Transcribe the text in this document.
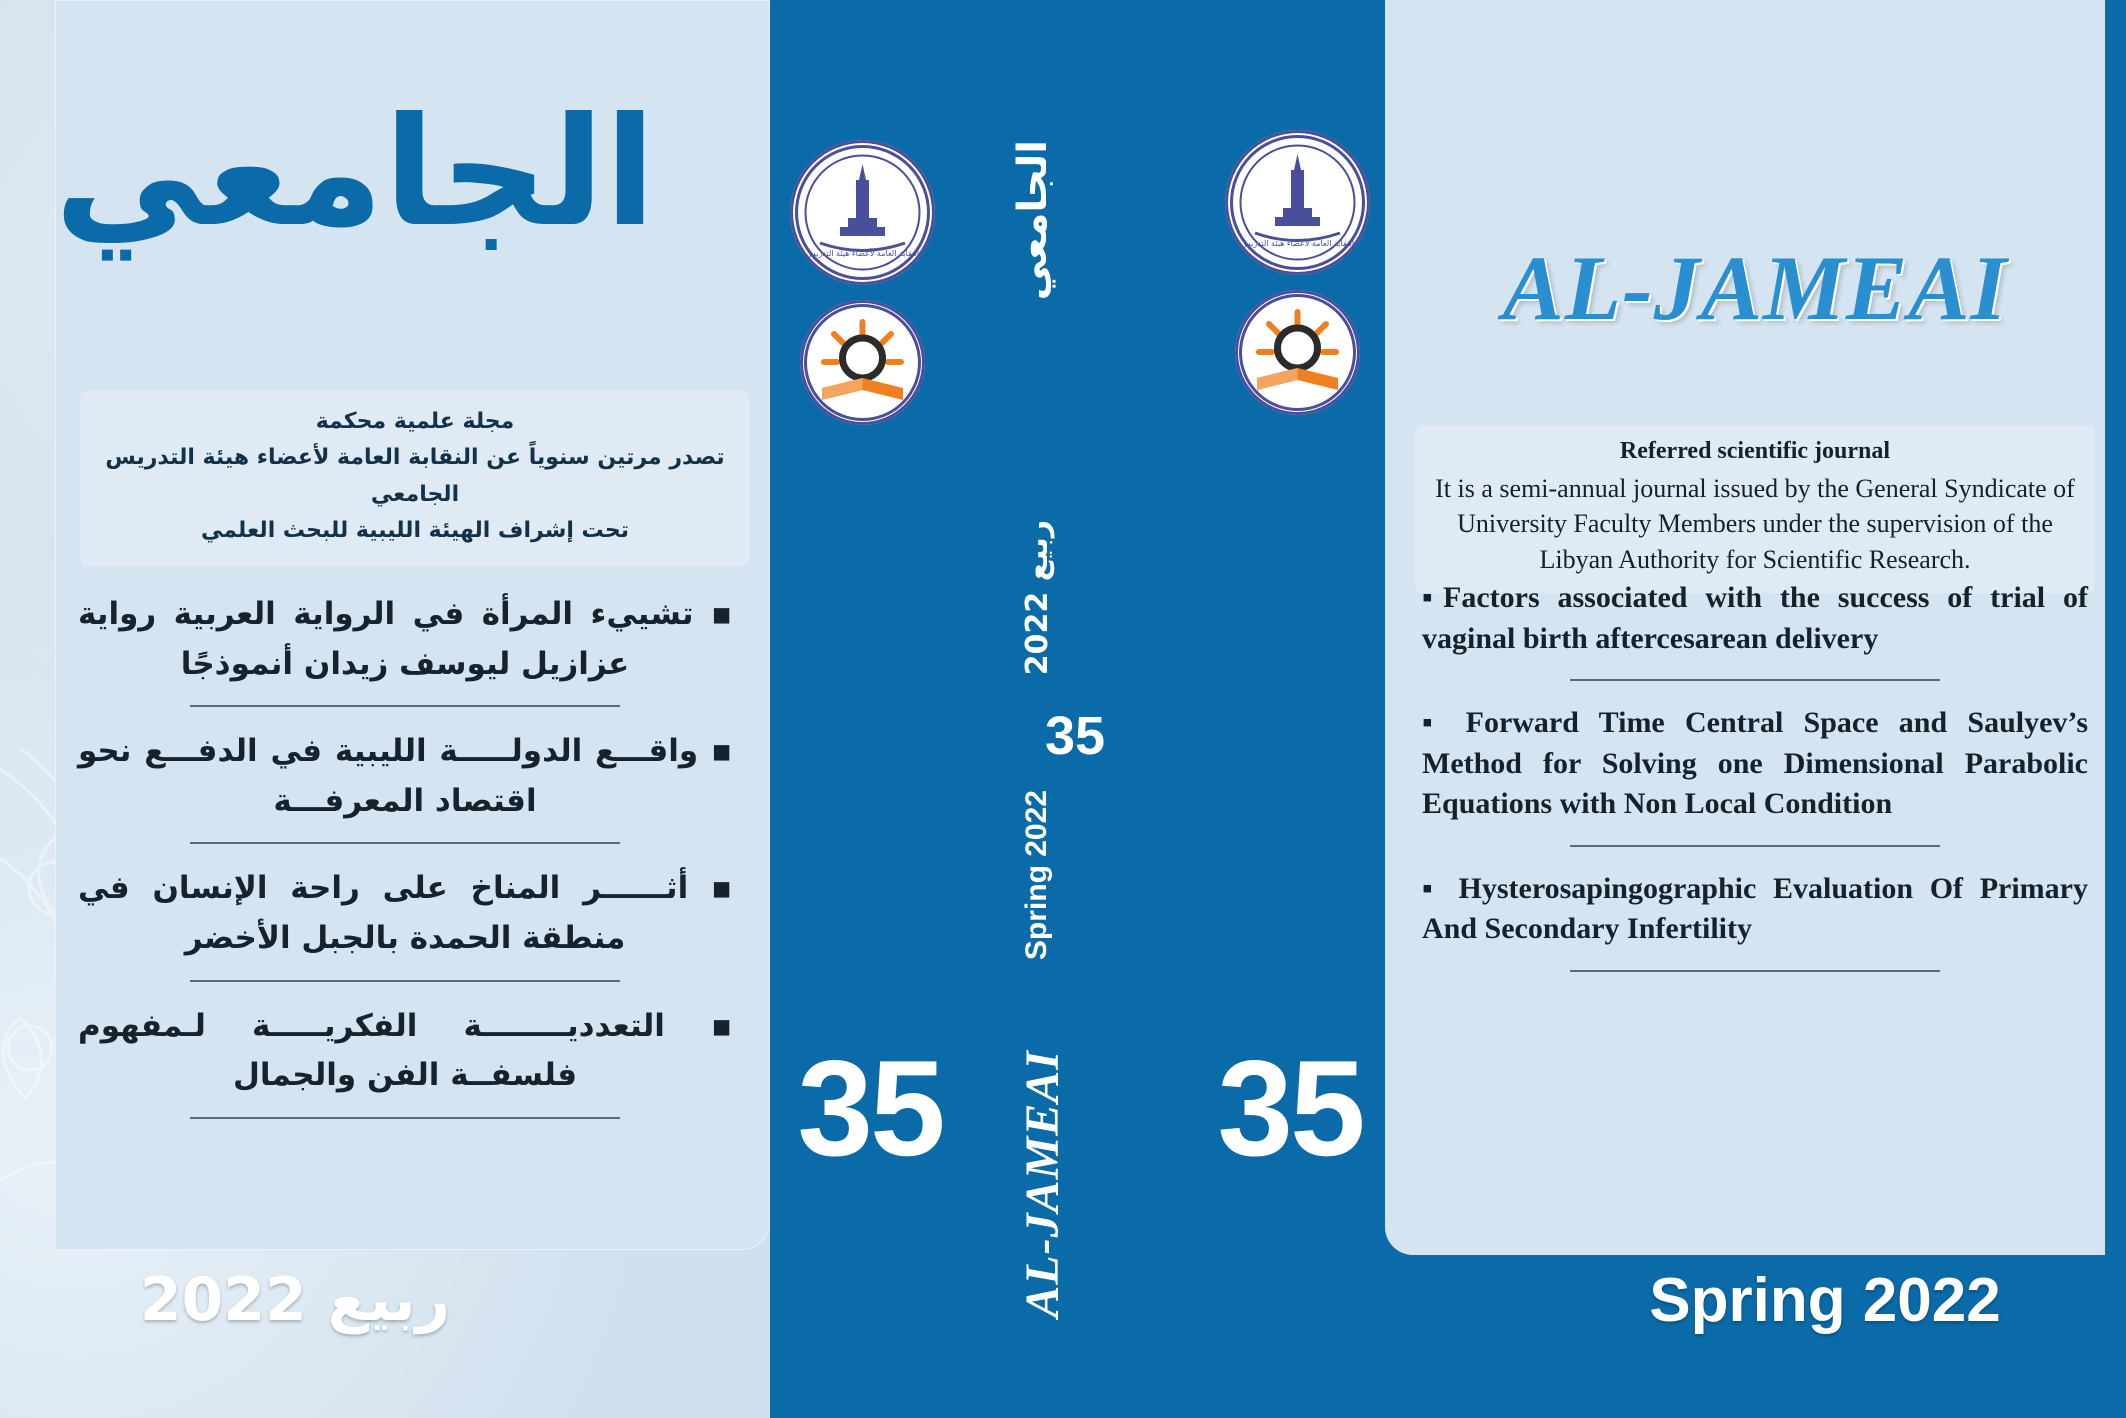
الجامعي
مجلة علمية محكمة
تصدر مرتين سنوياً عن النقابة العامة لأعضاء هيئة التدريس الجامعي
تحت إشراف الهيئة الليبية للبحث العلمي
▪ تشييء المرأة في الرواية العربية رواية عزازيل ليوسف زيدان أنموذجًا
▪ واقـــع الدولـــــة الليبية في الدفـــع نحو اقتصاد المعرفـــة
▪ أثــــــر المناخ على راحة الإنسان في منطقة الحمدة بالجبل الأخضر
▪ التعدديــــــــة الفكريـــــة لـمفهوم فلسفــة الفن والجمال
ربيع 2022
النقابة العامة لأعضاء هيئة التدريس
النقابة العامة لأعضاء هيئة التدريس
الجامعي
ربيع 2022
35
Spring 2022
AL-JAMEAI
35 35
AL-JAMEAI
Referred scientific journal
It is a semi-annual journal issued by the General Syndicate of University Faculty Members under the supervision of the Libyan Authority for Scientific Research.
▪Factors associated with the success of trial of vaginal birth aftercesarean delivery
▪ Forward Time Central Space and Saulyev’s Method for Solving one Dimensional Parabolic Equations with Non Local Condition
▪ Hysterosapingographic Evaluation Of Primary And Secondary Infertility
Spring 2022
